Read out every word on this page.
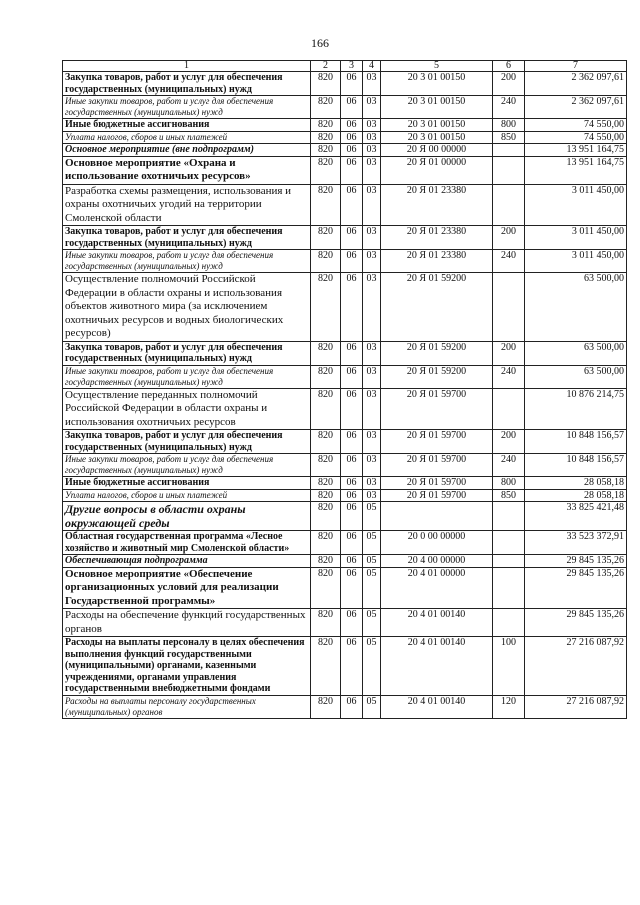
166
1	2	3	4	5	6	7
Закупка товаров, работ и услуг для обеспечения государственных (муниципальных) нужд	820	06	03	20 3 01 00150	200	2 362 097,61
Иные закупки товаров, работ и услуг для обеспечения государственных (муниципальных) нужд	820	06	03	20 3 01 00150	240	2 362 097,61
Иные бюджетные ассигнования	820	06	03	20 3 01 00150	800	74 550,00
Уплата налогов, сборов и иных платежей	820	06	03	20 3 01 00150	850	74 550,00
Основное мероприятие (вне подпрограмм)	820	06	03	20 Я 00 00000		13 951 164,75
Основное мероприятие «Охрана и использование охотничьих ресурсов»	820	06	03	20 Я 01 00000		13 951 164,75
Разработка схемы размещения, использования и охраны охотничьих угодий на территории Смоленской области	820	06	03	20 Я 01 23380		3 011 450,00
Закупка товаров, работ и услуг для обеспечения государственных (муниципальных) нужд	820	06	03	20 Я 01 23380	200	3 011 450,00
Иные закупки товаров, работ и услуг для обеспечения государственных (муниципальных) нужд	820	06	03	20 Я 01 23380	240	3 011 450,00
Осуществление полномочий Российской Федерации в области охраны и использования объектов животного мира (за исключением охотничьих ресурсов и водных биологических ресурсов)	820	06	03	20 Я 01 59200		63 500,00
Закупка товаров, работ и услуг для обеспечения государственных (муниципальных) нужд	820	06	03	20 Я 01 59200	200	63 500,00
Иные закупки товаров, работ и услуг для обеспечения государственных (муниципальных) нужд	820	06	03	20 Я 01 59200	240	63 500,00
Осуществление переданных полномочий Российской Федерации в области охраны и использования охотничьих ресурсов	820	06	03	20 Я 01 59700		10 876 214,75
Закупка товаров, работ и услуг для обеспечения государственных (муниципальных) нужд	820	06	03	20 Я 01 59700	200	10 848 156,57
Иные закупки товаров, работ и услуг для обеспечения государственных (муниципальных) нужд	820	06	03	20 Я 01 59700	240	10 848 156,57
Иные бюджетные ассигнования	820	06	03	20 Я 01 59700	800	28 058,18
Уплата налогов, сборов и иных платежей	820	06	03	20 Я 01 59700	850	28 058,18
Другие вопросы в области охраны окружающей среды	820	06	05			33 825 421,48
Областная государственная программа «Лесное хозяйство и животный мир Смоленской области»	820	06	05	20 0 00 00000		33 523 372,91
Обеспечивающая подпрограмма	820	06	05	20 4 00 00000		29 845 135,26
Основное мероприятие «Обеспечение организационных условий для реализации Государственной программы»	820	06	05	20 4 01 00000		29 845 135,26
Расходы на обеспечение функций государственных органов	820	06	05	20 4 01 00140		29 845 135,26
Расходы на выплаты персоналу в целях обеспечения выполнения функций государственными (муниципальными) органами, казенными учреждениями, органами управления государственными внебюджетными фондами	820	06	05	20 4 01 00140	100	27 216 087,92
Расходы на выплаты персоналу государственных (муниципальных) органов	820	06	05	20 4 01 00140	120	27 216 087,92
